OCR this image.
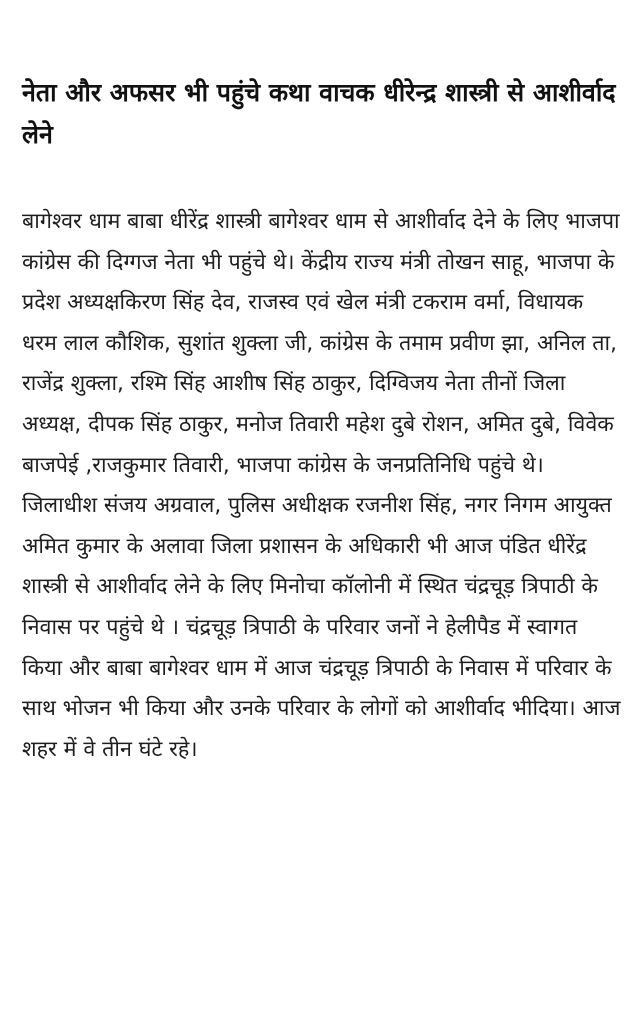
नेता और अफसर भी पहुंचे कथा वाचक धीरेन्द्र शास्त्री से आशीर्वाद लेने

बागेश्वर धाम बाबा धीरेंद्र शास्त्री बागेश्वर धाम से आशीर्वाद देने के लिए भाजपा कांग्रेस की दिग्गज नेता भी पहुंचे थे। केंद्रीय राज्य मंत्री तोखन साहू, भाजपा के प्रदेश अध्यक्षकिरण सिंह देव, राजस्व एवं खेल मंत्री टकराम वर्मा, विधायक धरम लाल कौशिक, सुशांत शुक्ला जी, कांग्रेस के तमाम प्रवीण झा, अनिल ता, राजेंद्र शुक्ला, रश्मि सिंह आशीष सिंह ठाकुर, दिग्विजय नेता तीनों जिला अध्यक्ष, दीपक सिंह ठाकुर, मनोज तिवारी महेश दुबे रोशन, अमित दुबे, विवेक बाजपेई ,राजकुमार तिवारी, भाजपा कांग्रेस के जनप्रतिनिधि पहुंचे थे। जिलाधीश संजय अग्रवाल, पुलिस अधीक्षक रजनीश सिंह, नगर निगम आयुक्त अमित कुमार के अलावा जिला प्रशासन के अधिकारी भी आज पंडित धीरेंद्र शास्त्री से आशीर्वाद लेने के लिए मिनोचा कॉलोनी में स्थित चंद्रचूड़ त्रिपाठी के निवास पर पहुंचे थे । चंद्रचूड़ त्रिपाठी के परिवार जनों ने हेलीपैड में स्वागत किया और बाबा बागेश्वर धाम में आज चंद्रचूड़ त्रिपाठी के निवास में परिवार के साथ भोजन भी किया और उनके परिवार के लोगों को आशीर्वाद भीदिया। आज शहर में वे तीन घंटे रहे।
